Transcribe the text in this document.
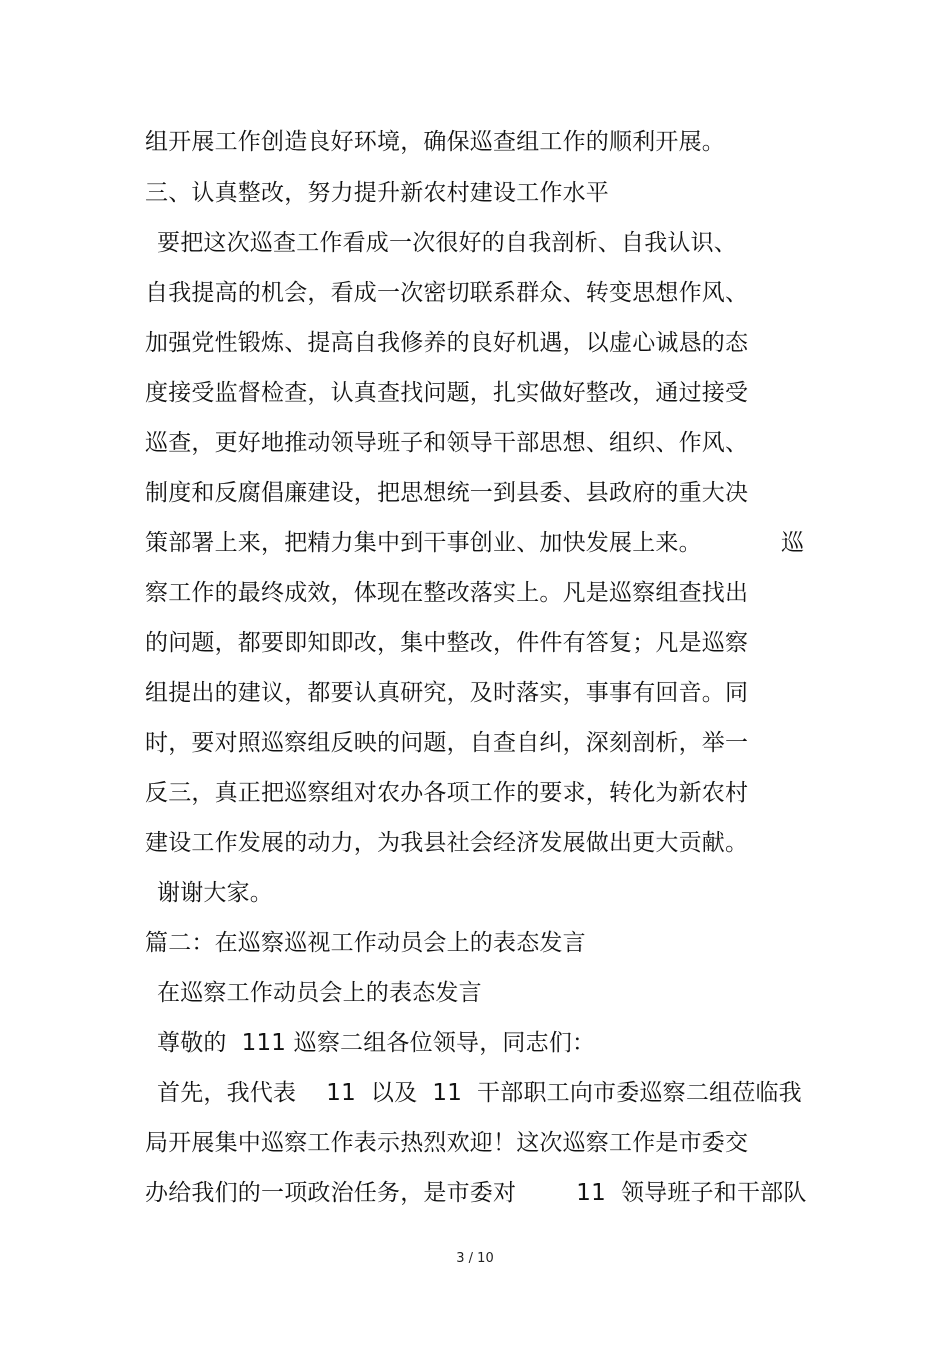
组开展工作创造良好环境，确保巡查组工作的顺利开展。
三、认真整改，努力提升新农村建设工作水平
要把这次巡查工作看成一次很好的自我剖析、自我认识、
自我提高的机会，看成一次密切联系群众、转变思想作风、
加强党性锻炼、提高自我修养的良好机遇，以虚心诚恳的态
度接受监督检查，认真查找问题，扎实做好整改，通过接受
巡查，更好地推动领导班子和领导干部思想、组织、作风、
制度和反腐倡廉建设，把思想统一到县委、县政府的重大决
策部署上来，把精力集中到干事创业、加快发展上来。	巡
察工作的最终成效，体现在整改落实上。凡是巡察组查找出
的问题，都要即知即改，集中整改，件件有答复；凡是巡察
组提出的建议，都要认真研究，及时落实，事事有回音。同
时，要对照巡察组反映的问题，自查自纠，深刻剖析，举一
反三，真正把巡察组对农办各项工作的要求，转化为新农村
建设工作发展的动力，为我县社会经济发展做出更大贡献。
谢谢大家。
篇二：在巡察巡视工作动员会上的表态发言
在巡察工作动员会上的表态发言
尊敬的  111 巡察二组各位领导，同志们：
首先，我代表    11  以及  11  干部职工向市委巡察二组莅临我
局开展集中巡察工作表示热烈欢迎！这次巡察工作是市委交
办给我们的一项政治任务，是市委对        11  领导班子和干部队
3 / 10
